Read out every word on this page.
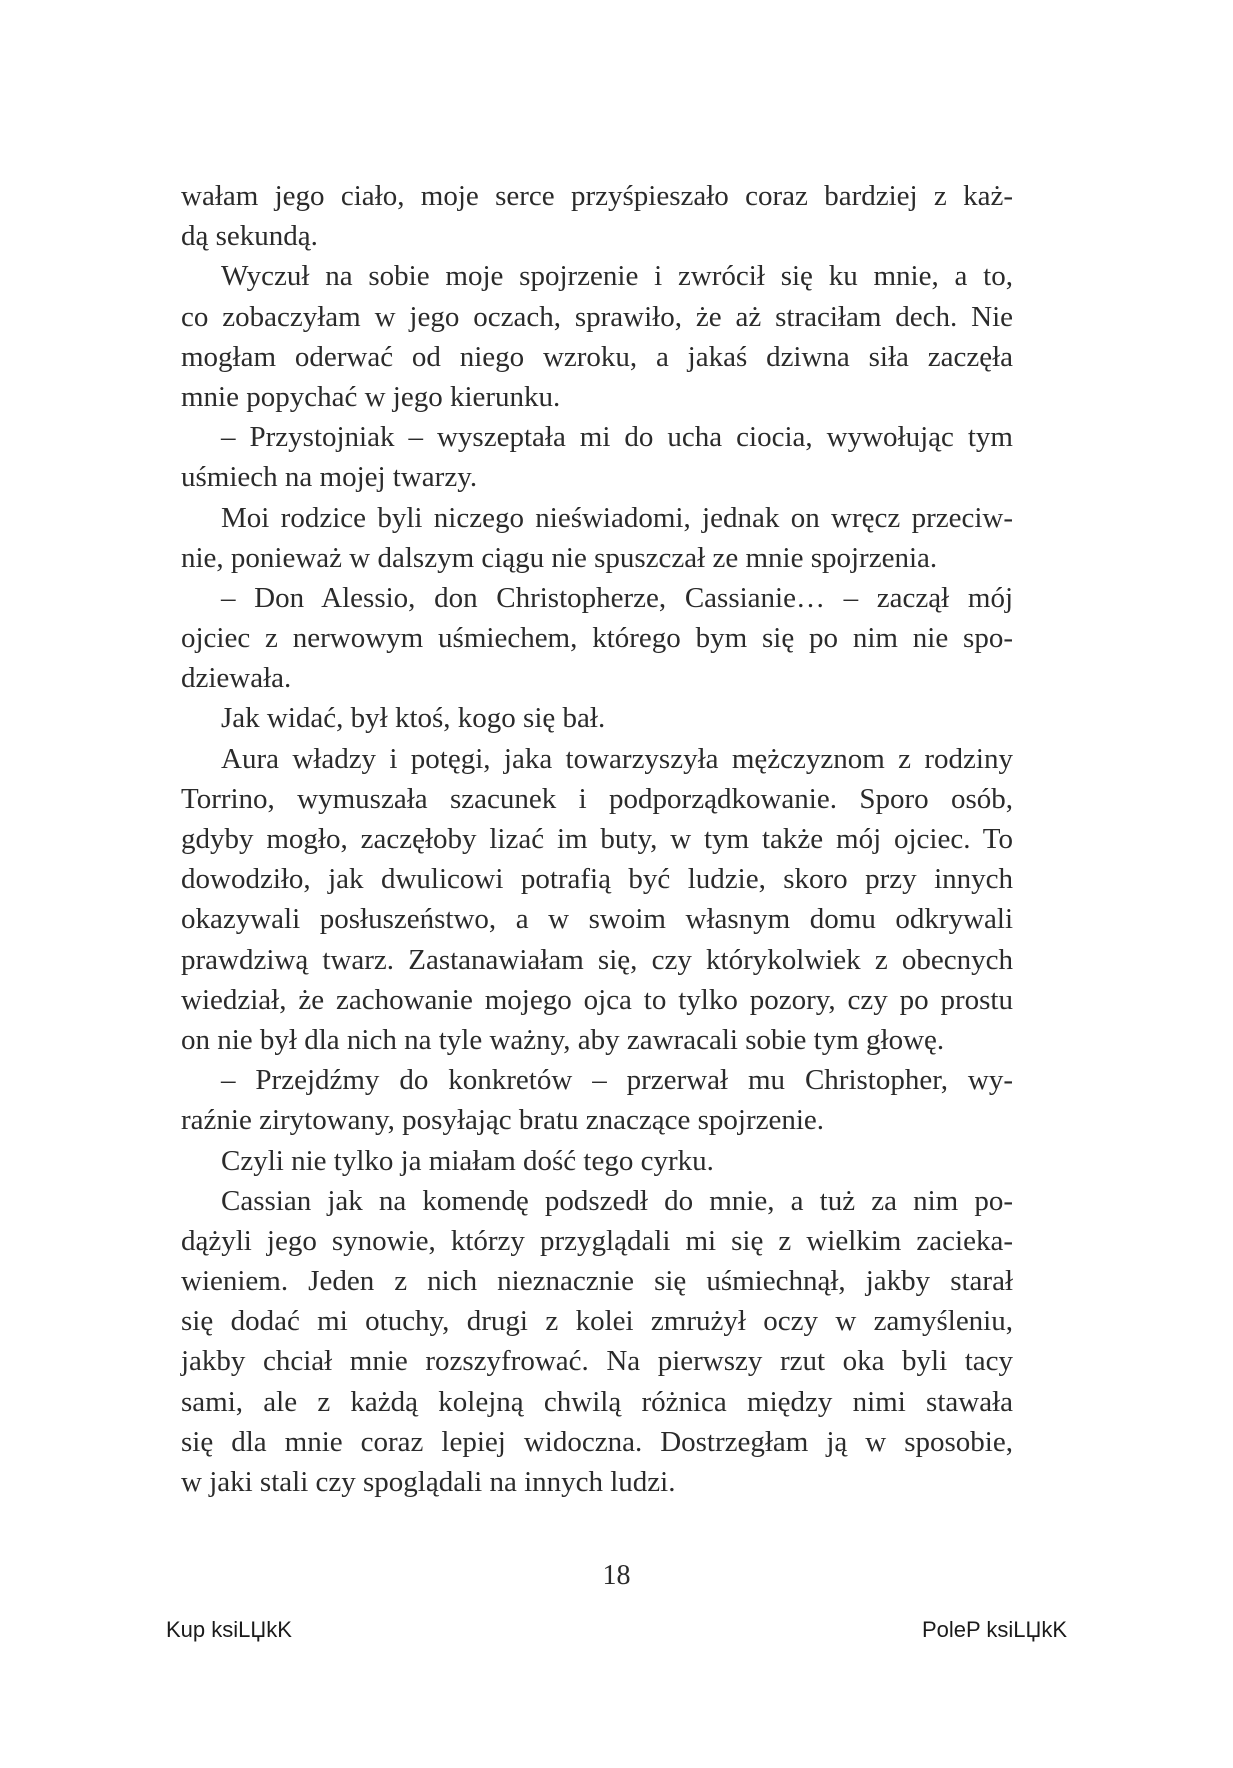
wałam jego ciało, moje serce przyśpieszało coraz bardziej z każ-
dą sekundą.
Wyczuł na sobie moje spojrzenie i zwrócił się ku mnie, a to,
co zobaczyłam w jego oczach, sprawiło, że aż straciłam dech. Nie
mogłam oderwać od niego wzroku, a jakaś dziwna siła zaczęła
mnie popychać w jego kierunku.
– Przystojniak – wyszeptała mi do ucha ciocia, wywołując tym
uśmiech na mojej twarzy.
Moi rodzice byli niczego nieświadomi, jednak on wręcz przeciw-
nie, ponieważ w dalszym ciągu nie spuszczał ze mnie spojrzenia.
– Don Alessio, don Christopherze, Cassianie… – zaczął mój
ojciec z nerwowym uśmiechem, którego bym się po nim nie spo-
dziewała.
Jak widać, był ktoś, kogo się bał.
Aura władzy i potęgi, jaka towarzyszyła mężczyznom z rodziny
Torrino, wymuszała szacunek i podporządkowanie. Sporo osób,
gdyby mogło, zaczęłoby lizać im buty, w tym także mój ojciec. To
dowodziło, jak dwulicowi potrafią być ludzie, skoro przy innych
okazywali posłuszeństwo, a w swoim własnym domu odkrywali
prawdziwą twarz. Zastanawiałam się, czy którykolwiek z obecnych
wiedział, że zachowanie mojego ojca to tylko pozory, czy po prostu
on nie był dla nich na tyle ważny, aby zawracali sobie tym głowę.
– Przejdźmy do konkretów – przerwał mu Christopher, wy-
raźnie zirytowany, posyłając bratu znaczące spojrzenie.
Czyli nie tylko ja miałam dość tego cyrku.
Cassian jak na komendę podszedł do mnie, a tuż za nim po-
dążyli jego synowie, którzy przyglądali mi się z wielkim zacieka-
wieniem. Jeden z nich nieznacznie się uśmiechnął, jakby starał
się dodać mi otuchy, drugi z kolei zmrużył oczy w zamyśleniu,
jakby chciał mnie rozszyfrować. Na pierwszy rzut oka byli tacy
sami, ale z każdą kolejną chwilą różnica między nimi stawała
się dla mnie coraz lepiej widoczna. Dostrzegłam ją w sposobie,
w jaki stali czy spoglądali na innych ludzi.
18
Kup ksiLЏkK	PoleP ksiLЏkK
